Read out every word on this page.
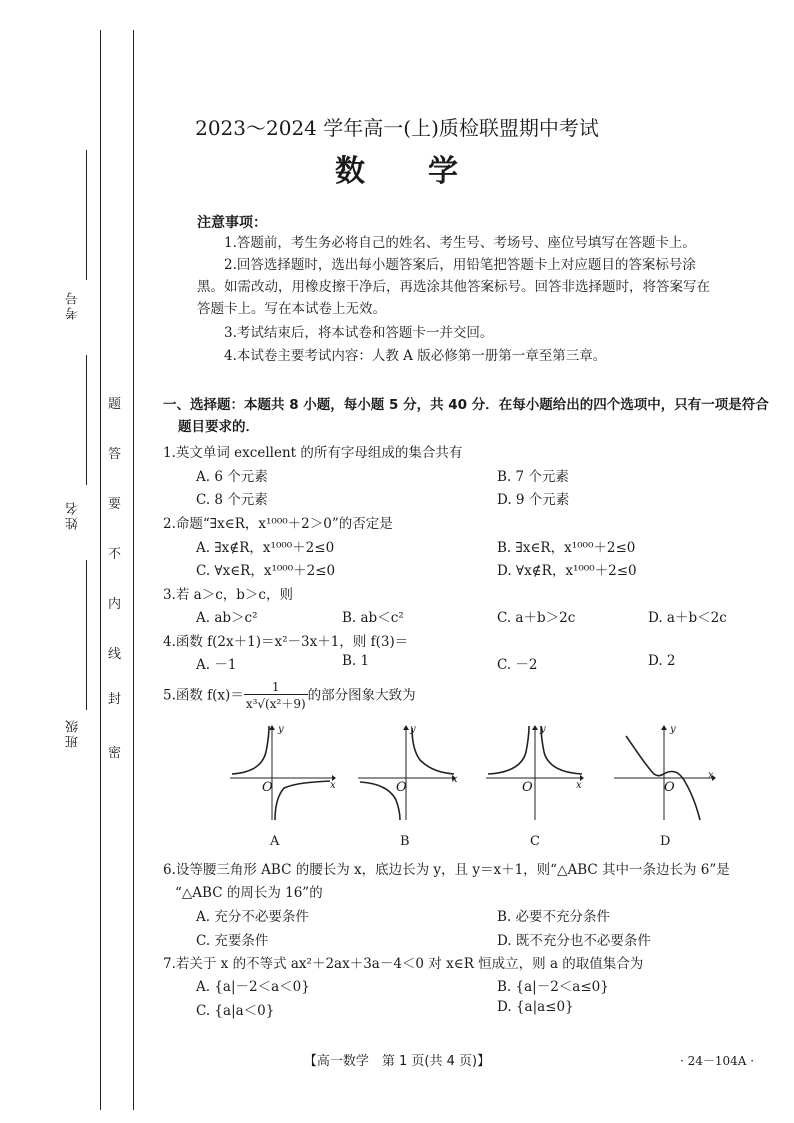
考号
姓名
班级
密
封
线
内
不
要
答
题
2023～2024 学年高一(上)质检联盟期中考试
数　　学
注意事项：
1.答题前，考生务必将自己的姓名、考生号、考场号、座位号填写在答题卡上。
2.回答选择题时，选出每小题答案后，用铅笔把答题卡上对应题目的答案标号涂
黑。如需改动，用橡皮擦干净后，再选涂其他答案标号。回答非选择题时，将答案写在
答题卡上。写在本试卷上无效。
3.考试结束后，将本试卷和答题卡一并交回。
4.本试卷主要考试内容：人教 A 版必修第一册第一章至第三章。
一、选择题：本题共 8 小题，每小题 5 分，共 40 分．在每小题给出的四个选项中，只有一项是符合
题目要求的．
1.英文单词 excellent 的所有字母组成的集合共有
A. 6 个元素	B. 7 个元素
C. 8 个元素	D. 9 个元素
2.命题“∃x∈R，x¹⁰⁰⁰＋2＞0”的否定是
A. ∃x∉R，x¹⁰⁰⁰＋2≤0	B. ∃x∈R，x¹⁰⁰⁰＋2≤0
C. ∀x∈R，x¹⁰⁰⁰＋2≤0	D. ∀x∉R，x¹⁰⁰⁰＋2≤0
3.若 a＞c，b＞c，则
A. ab＞c²	B. ab＜c²	C. a＋b＞2c	D. a＋b＜2c
4.函数 f(2x＋1)＝x²－3x＋1，则 f(3)＝
A. －1	B. 1	C. －2	D. 2
5.函数 $f(x)= \frac{1}{\text{x³√(x²＋9)}}$ 的部分图象大致为
O	x
y
A
O
x
y
B
O	x
y
C
O
x
y
D
6.设等腰三角形 ABC 的腰长为 x，底边长为 y，且 y＝x＋1，则“△ABC 其中一条边长为 6”是
“△ABC 的周长为 16”的
A. 充分不必要条件	B. 必要不充分条件
C. 充要条件	D. 既不充分也不必要条件
7.若关于 x 的不等式 ax²＋2ax＋3a－4＜0 对 x∈R 恒成立，则 a 的取值集合为
A. {a|－2＜a＜0}	B. {a|－2＜a≤0}
C. {a|a＜0}	D. {a|a≤0}
【高一数学　第 1 页(共 4 页)】	· 24－104A ·
